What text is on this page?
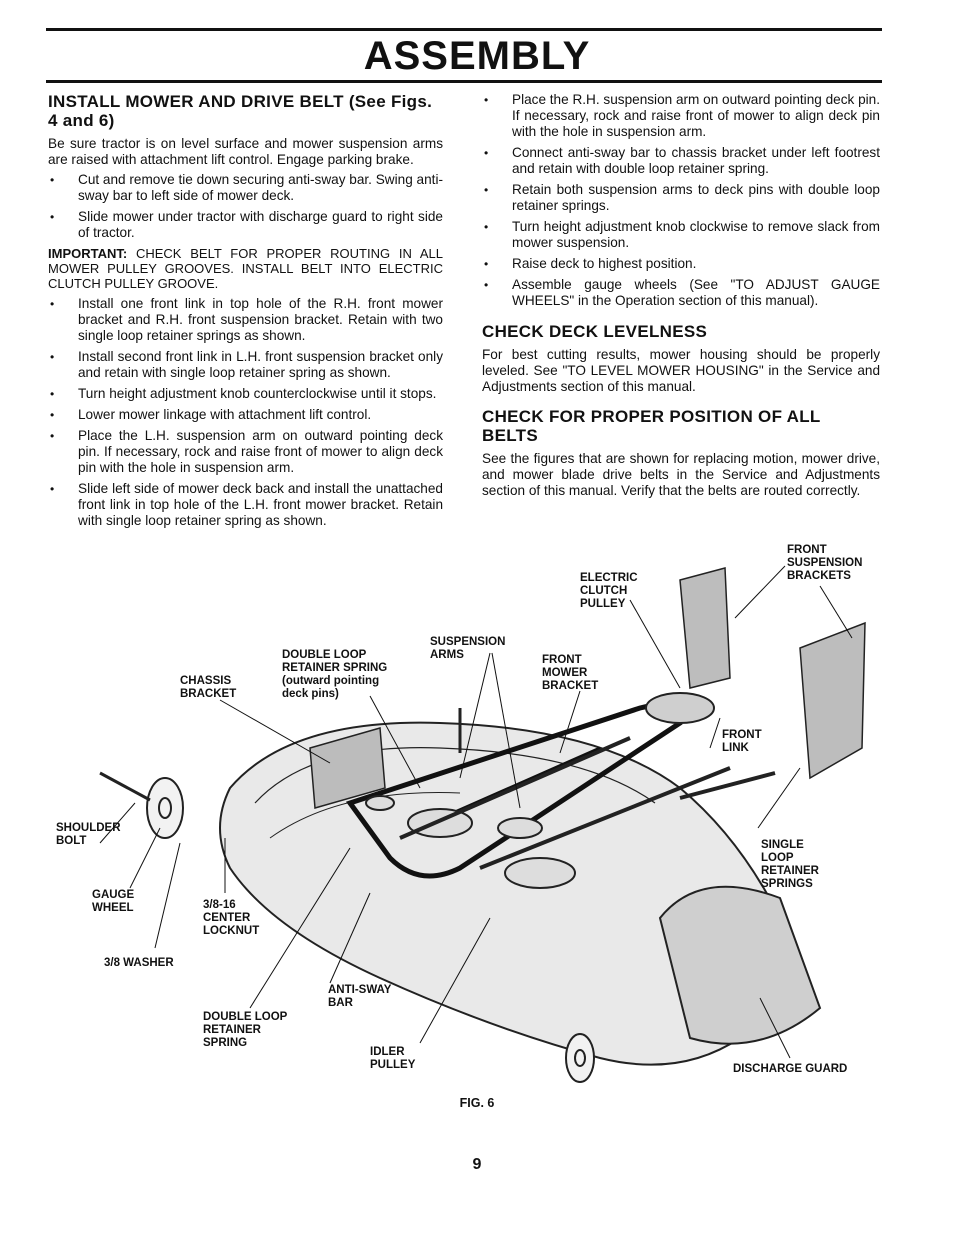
ASSEMBLY
INSTALL MOWER AND DRIVE BELT (See Figs. 4 and 6)

Be sure tractor is on level surface and mower suspension arms are raised with attachment lift control. Engage parking brake.

• Cut and remove tie down securing anti-sway bar. Swing anti-sway bar to left side of mower deck.
• Slide mower under tractor with discharge guard to right side of tractor.

IMPORTANT: CHECK BELT FOR PROPER ROUTING IN ALL MOWER PULLEY GROOVES. INSTALL BELT INTO ELECTRIC CLUTCH PULLEY GROOVE.

• Install one front link in top hole of the R.H. front mower bracket and R.H. front suspension bracket. Retain with two single loop retainer springs as shown.
• Install second front link in L.H. front suspension bracket only and retain with single loop retainer spring as shown.
• Turn height adjustment knob counterclockwise until it stops.
• Lower mower linkage with attachment lift control.
• Place the L.H. suspension arm on outward pointing deck pin. If necessary, rock and raise front of mower to align deck pin with the hole in suspension arm.
• Slide left side of mower deck back and install the unattached front link in top hole of the L.H. front mower bracket. Retain with single loop retainer spring as shown.
• Place the R.H. suspension arm on outward pointing deck pin. If necessary, rock and raise front of mower to align deck pin with the hole in suspension arm.
• Connect anti-sway bar to chassis bracket under left footrest and retain with double loop retainer spring.
• Retain both suspension arms to deck pins with double loop retainer springs.
• Turn height adjustment knob clockwise to remove slack from mower suspension.
• Raise deck to highest position.
• Assemble gauge wheels (See "TO ADJUST GAUGE WHEELS" in the Operation section of this manual).
CHECK DECK LEVELNESS

For best cutting results, mower housing should be properly leveled. See "TO LEVEL MOWER HOUSING" in the Service and Adjustments section of this manual.

CHECK FOR PROPER POSITION OF ALL BELTS

See the figures that are shown for replacing motion, mower drive, and mower blade drive belts in the Service and Adjustments section of this manual. Verify that the belts are routed correctly.

FRONT SUSPENSION BRACKETS
ELECTRIC CLUTCH PULLEY
SUSPENSION ARMS
DOUBLE LOOP RETAINER SPRING (outward pointing deck pins)
CHASSIS BRACKET
FRONT MOWER BRACKET
FRONT LINK
SHOULDER BOLT	SINGLE LOOP RETAINER SPRINGS
GAUGE WHEEL	3/8-16 CENTER LOCKNUT
3/8 WASHER
ANTI-SWAY BAR
DOUBLE LOOP RETAINER SPRING
IDLER PULLEY	DISCHARGE GUARD
FIG. 6
9
